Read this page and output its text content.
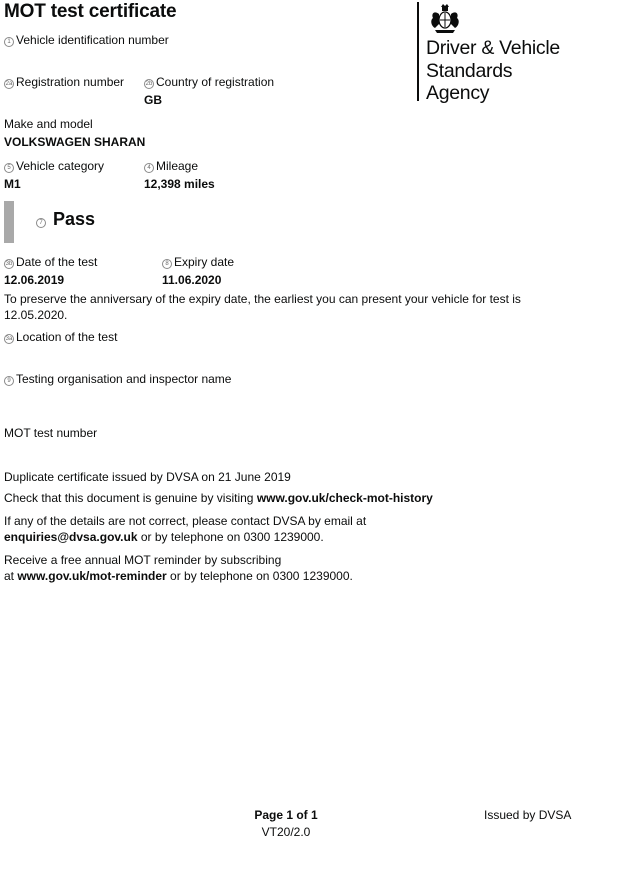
MOT test certificate
Driver & Vehicle
Standards
Agency
1 Vehicle identification number
2a Registration number	2b Country of registration
GB
Make and model
VOLKSWAGEN SHARAN
5 Vehicle category
M1
4 Mileage
12,398 miles
7 Pass
3b Date of the test
12.06.2019
8 Expiry date
11.06.2020
To preserve the anniversary of the expiry date, the earliest you can present your vehicle for test is 12.05.2020.
3a Location of the test
9 Testing organisation and inspector name
MOT test number
Duplicate certificate issued by DVSA on 21 June 2019
Check that this document is genuine by visiting www.gov.uk/check-mot-history
If any of the details are not correct, please contact DVSA by email at
enquiries@dvsa.gov.uk or by telephone on 0300 1239000.
Receive a free annual MOT reminder by subscribing
at www.gov.uk/mot-reminder or by telephone on 0300 1239000.
Page 1 of 1
VT20/2.0
Issued by DVSA
